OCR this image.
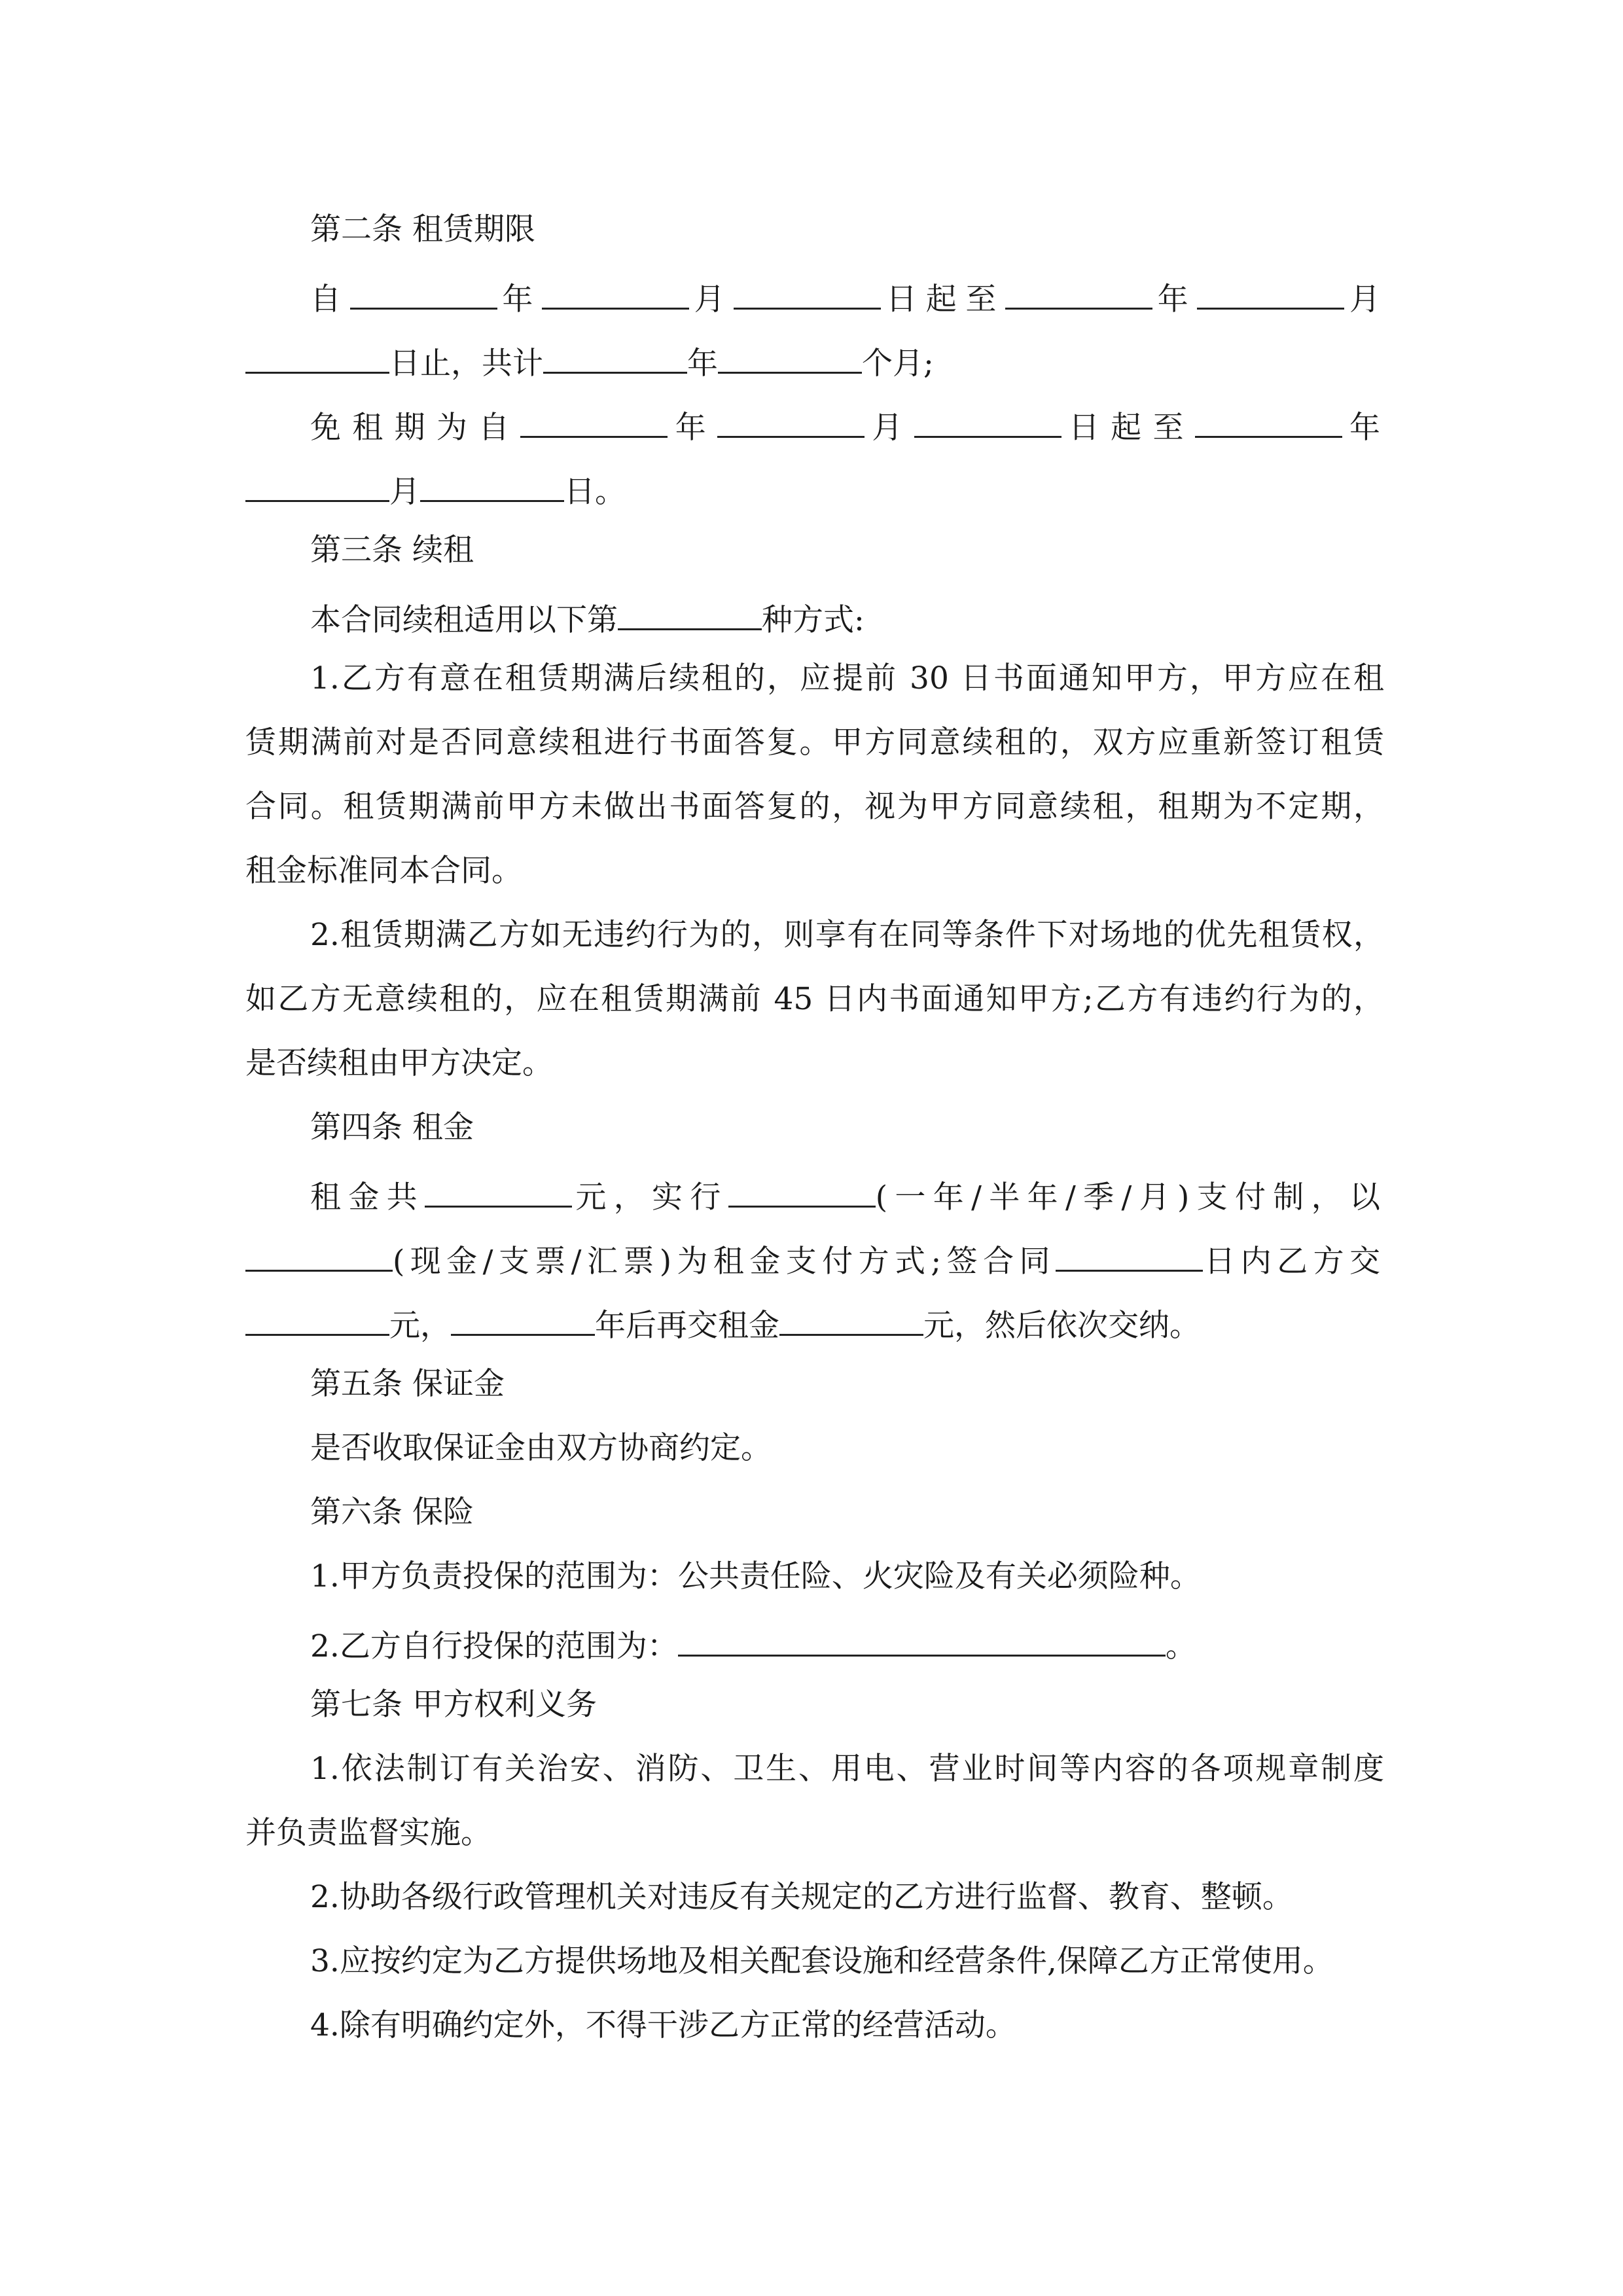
第二条 租赁期限
自	年	月	日起至	年	月
日止，共计	年	个月;
免租期为自	年	月	日起至	年
月	日。
第三条 续租
本合同续租适用以下第	种方式:
1.乙方有意在租赁期满后续租的，应提前 30 日书面通知甲方，甲方应在租
赁期满前对是否同意续租进行书面答复。甲方同意续租的，双方应重新签订租赁
合同。租赁期满前甲方未做出书面答复的，视为甲方同意续租，租期为不定期，
租金标准同本合同。
2.租赁期满乙方如无违约行为的，则享有在同等条件下对场地的优先租赁权，
如乙方无意续租的，应在租赁期满前 45 日内书面通知甲方;乙方有违约行为的，
是否续租由甲方决定。
第四条 租金
租金共	元，实行	(一年/半年/季/月)支付制，以
(现金/支票/汇票)为租金支付方式;签合同	日内乙方交
元，	年后再交租金	元，然后依次交纳。
第五条 保证金
是否收取保证金由双方协商约定。
第六条 保险
1.甲方负责投保的范围为：公共责任险、火灾险及有关必须险种。
2.乙方自行投保的范围为：	。
第七条 甲方权利义务
1.依法制订有关治安、消防、卫生、用电、营业时间等内容的各项规章制度
并负责监督实施。
2.协助各级行政管理机关对违反有关规定的乙方进行监督、教育、整顿。
3.应按约定为乙方提供场地及相关配套设施和经营条件,保障乙方正常使用。
4.除有明确约定外，不得干涉乙方正常的经营活动。
